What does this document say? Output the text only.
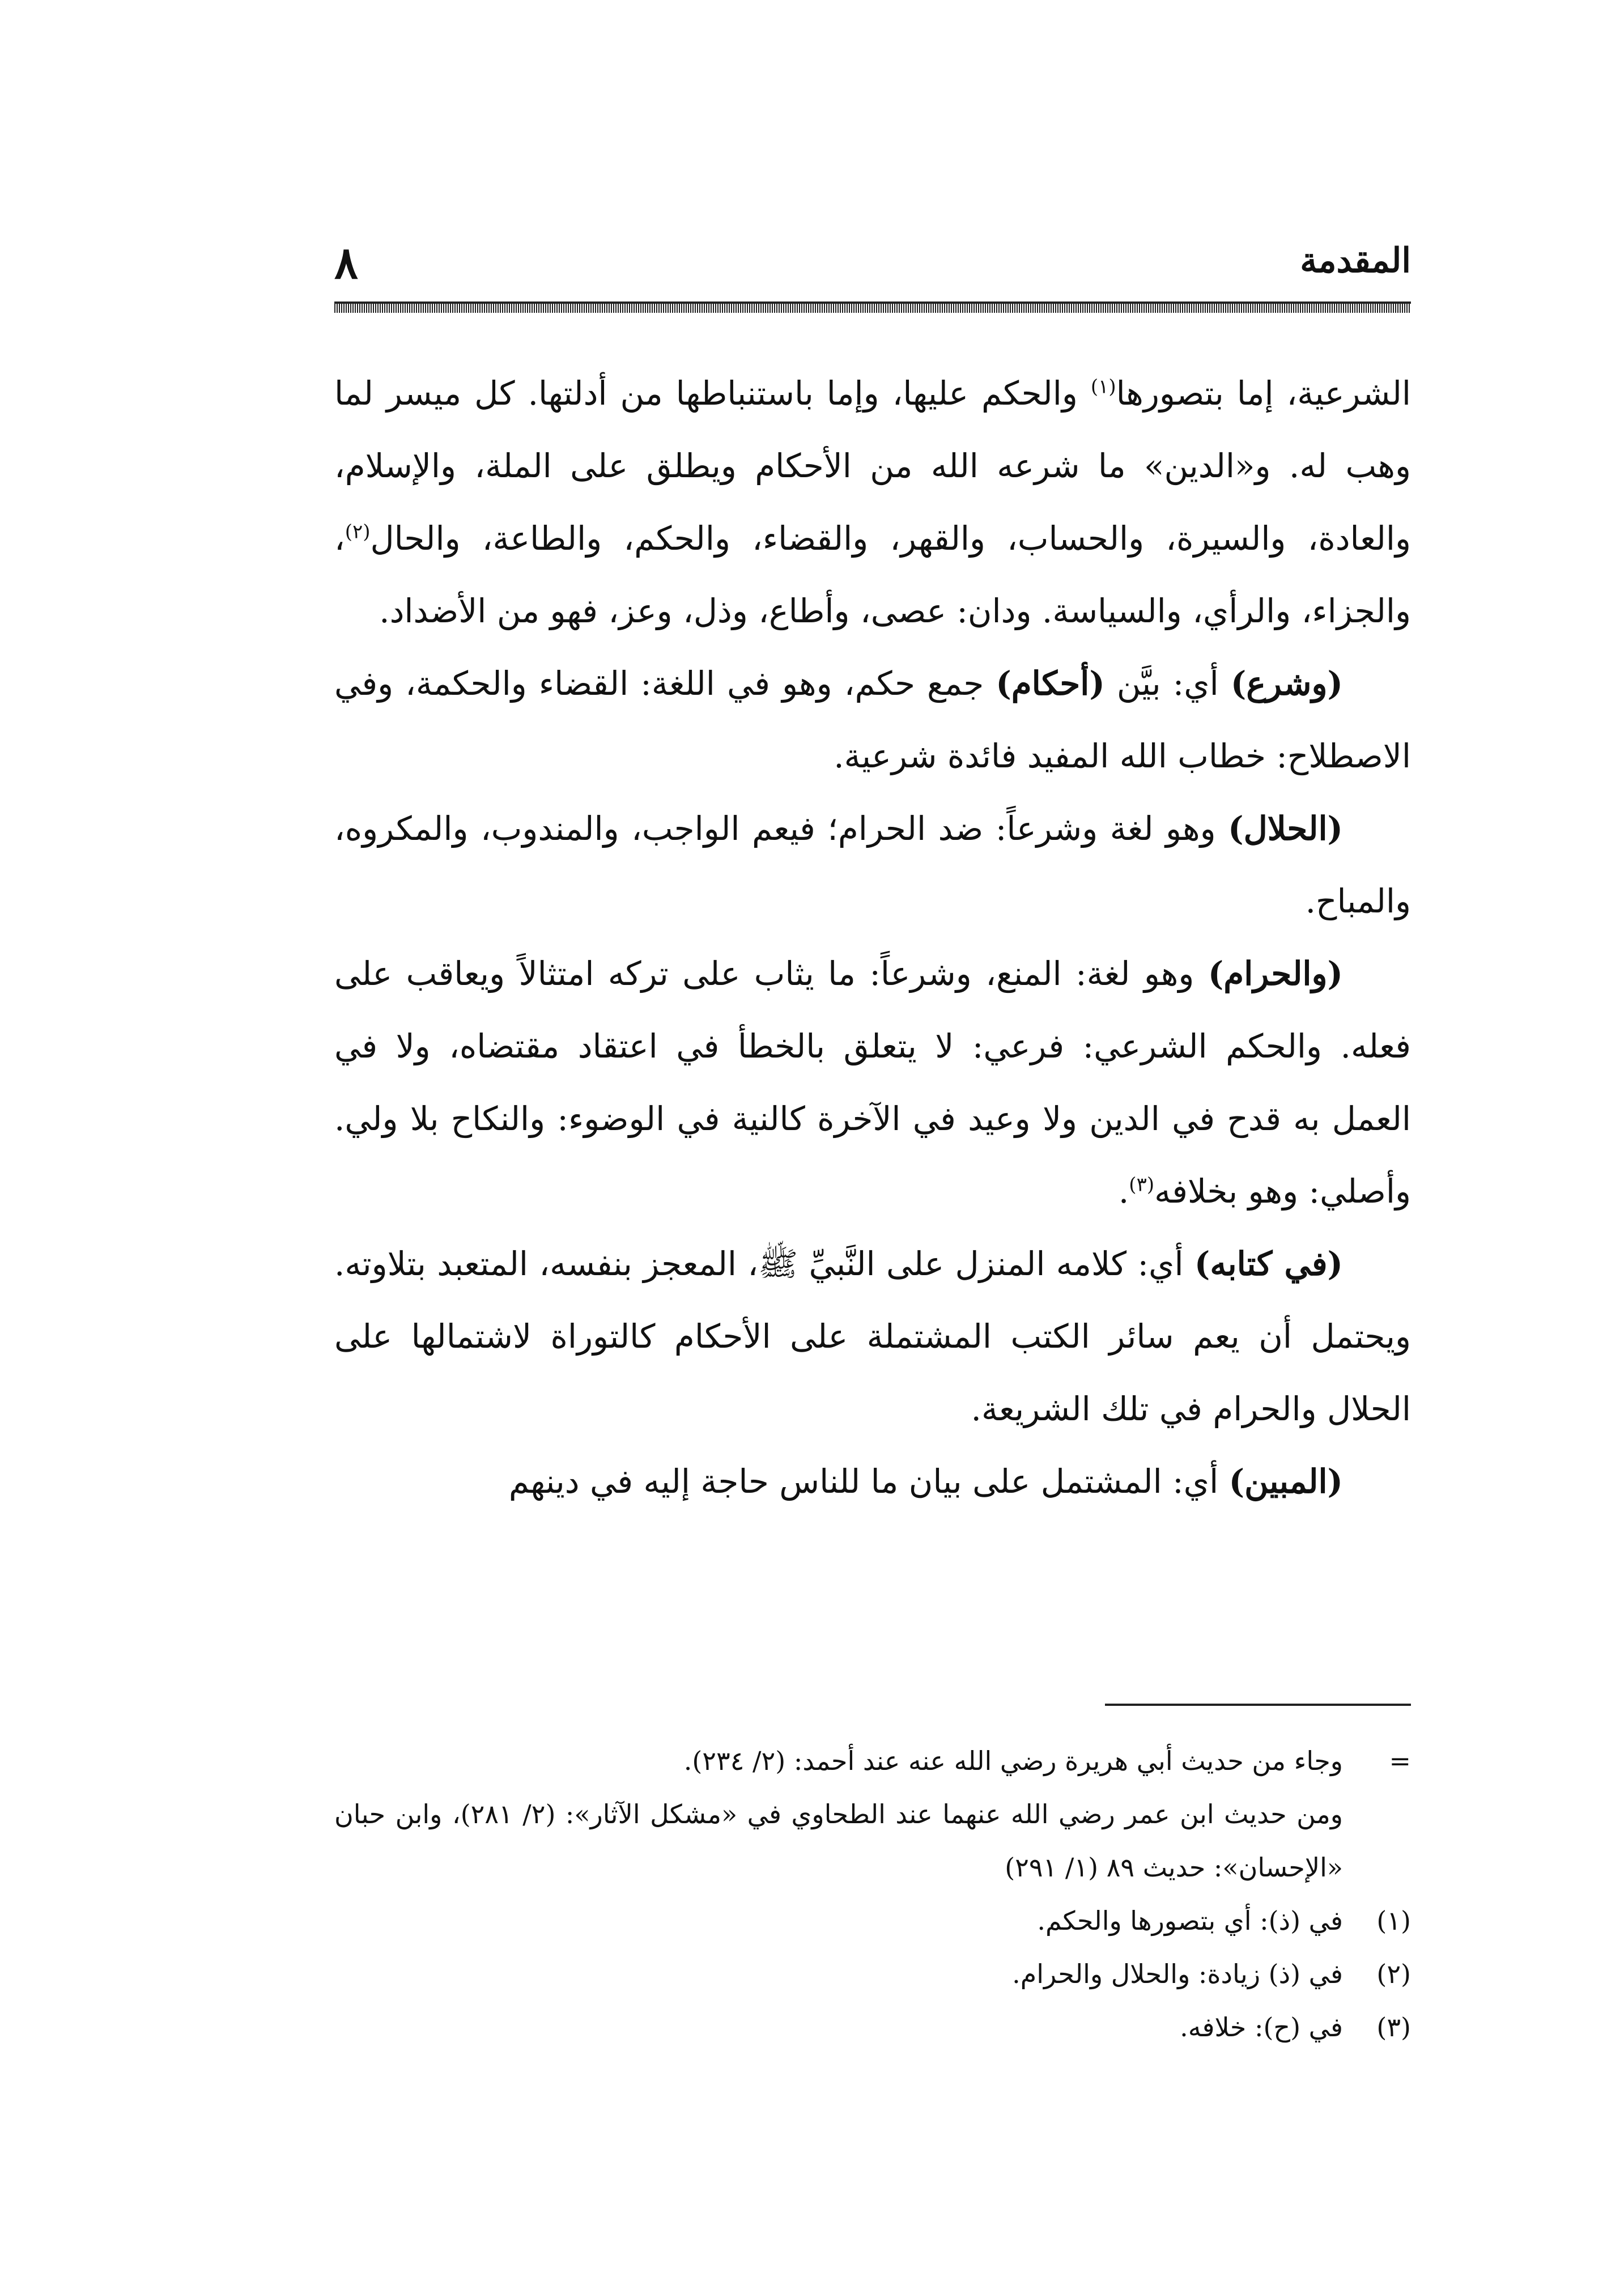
المقدمة
٨

الشرعية، إما بتصورها$^{(١)}$ والحكم عليها، وإما باستنباطها من أدلتها. كل ميسر لما وهب له. و«الدين» ما شرعه الله من الأحكام ويطلق على الملة، والإسلام، والعادة، والسيرة، والحساب، والقهر، والقضاء، والحكم، والطاعة، والحال$^{(٢)}$، والجزاء، والرأي، والسياسة. ودان: عصى، وأطاع، وذل، وعز، فهو من الأضداد.

(وشرع) أي: بيَّن (أحكام) جمع حكم، وهو في اللغة: القضاء والحكمة، وفي الاصطلاح: خطاب الله المفيد فائدة شرعية.

(الحلال) وهو لغة وشرعاً: ضد الحرام؛ فيعم الواجب، والمندوب، والمكروه، والمباح.

(والحرام) وهو لغة: المنع، وشرعاً: ما يثاب على تركه امتثالاً ويعاقب على فعله. والحكم الشرعي: فرعي: لا يتعلق بالخطأ في اعتقاد مقتضاه، ولا في العمل به قدح في الدين ولا وعيد في الآخرة كالنية في الوضوء: والنكاح بلا ولي. وأصلي: وهو بخلافه$^{(٣)}$.

(في كتابه) أي: كلامه المنزل على النَّبيِّ ﷺ، المعجز بنفسه، المتعبد بتلاوته. ويحتمل أن يعم سائر الكتب المشتملة على الأحكام كالتوراة لاشتمالها على الحلال والحرام في تلك الشريعة.

(المبين) أي: المشتمل على بيان ما للناس حاجة إليه في دينهم

=
وجاء من حديث أبي هريرة رضي الله عنه عند أحمد: (٢/ ٢٣٤).
ومن حديث ابن عمر رضي الله عنهما عند الطحاوي في «مشكل الآثار»: (٢/ ٢٨١)، وابن حبان «الإحسان»: حديث ٨٩ (١/ ٢٩١)
(١)
في (ذ): أي بتصورها والحكم.
(٢)
في (ذ) زيادة: والحلال والحرام.
(٣)
في (ح): خلافه.
